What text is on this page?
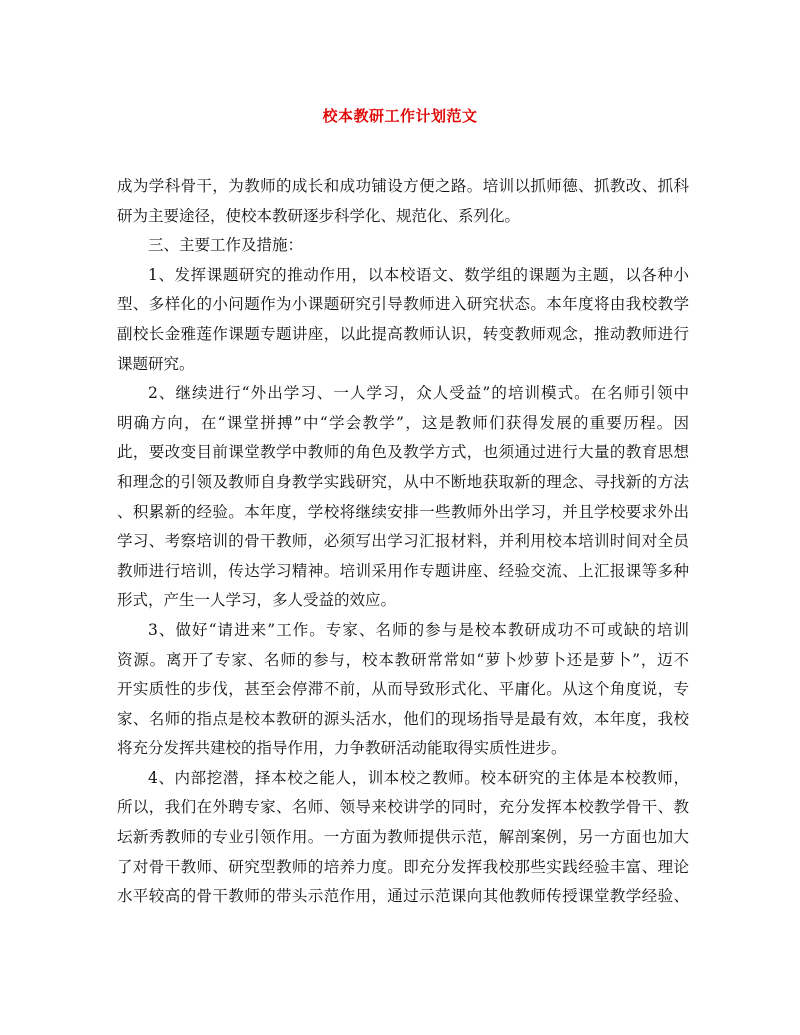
校本教研工作计划范文
成为学科骨干，为教师的成长和成功铺设方便之路。培训以抓师德、抓教改、抓科
研为主要途径，使校本教研逐步科学化、规范化、系列化。
三、主要工作及措施：
1、发挥课题研究的推动作用，以本校语文、数学组的课题为主题，以各种小
型、多样化的小问题作为小课题研究引导教师进入研究状态。本年度将由我校教学
副校长金雅莲作课题专题讲座，以此提高教师认识，转变教师观念，推动教师进行
课题研究。
2、继续进行“外出学习、一人学习，众人受益”的培训模式。在名师引领中
明确方向，在“课堂拼搏”中“学会教学”，这是教师们获得发展的重要历程。因
此，要改变目前课堂教学中教师的角色及教学方式，也须通过进行大量的教育思想
和理念的引领及教师自身教学实践研究，从中不断地获取新的理念、寻找新的方法
、积累新的经验。本年度，学校将继续安排一些教师外出学习，并且学校要求外出
学习、考察培训的骨干教师，必须写出学习汇报材料，并利用校本培训时间对全员
教师进行培训，传达学习精神。培训采用作专题讲座、经验交流、上汇报课等多种
形式，产生一人学习，多人受益的效应。
3、做好“请进来”工作。专家、名师的参与是校本教研成功不可或缺的培训
资源。离开了专家、名师的参与，校本教研常常如“萝卜炒萝卜还是萝卜”，迈不
开实质性的步伐，甚至会停滞不前，从而导致形式化、平庸化。从这个角度说，专
家、名师的指点是校本教研的源头活水，他们的现场指导是最有效，本年度，我校
将充分发挥共建校的指导作用，力争教研活动能取得实质性进步。
4、内部挖潜，择本校之能人，训本校之教师。校本研究的主体是本校教师，
所以，我们在外聘专家、名师、领导来校讲学的同时，充分发挥本校教学骨干、教
坛新秀教师的专业引领作用。一方面为教师提供示范，解剖案例，另一方面也加大
了对骨干教师、研究型教师的培养力度。即充分发挥我校那些实践经验丰富、理论
水平较高的骨干教师的带头示范作用，通过示范课向其他教师传授课堂教学经验、
